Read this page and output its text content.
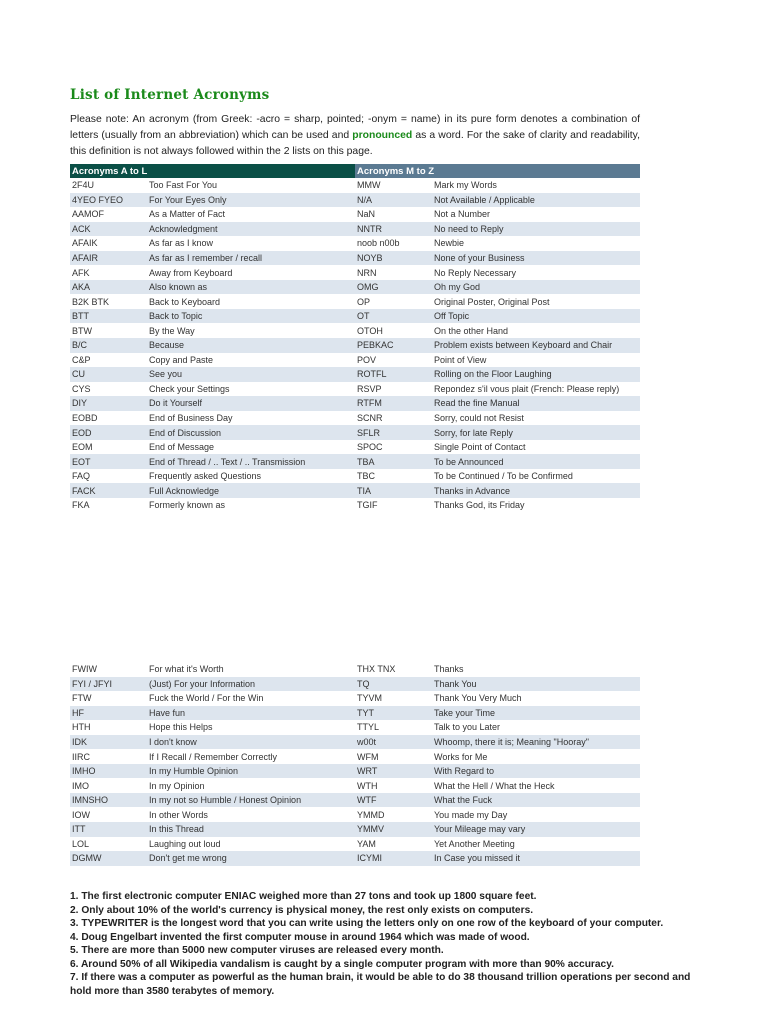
List of Internet Acronyms

Please note: An acronym (from Greek: -acro = sharp, pointed; -onym = name) in its pure form denotes a combination of letters (usually from an abbreviation) which can be used and pronounced as a word. For the sake of clarity and readability, this definition is not always followed within the 2 lists on this page.

Acronyms A to L		Acronyms M to Z	
2F4U	Too Fast For You	MMW	Mark my Words
4YEO FYEO	For Your Eyes Only	N/A	Not Available / Applicable
AAMOF	As a Matter of Fact	NaN	Not a Number
ACK	Acknowledgment	NNTR	No need to Reply
AFAIK	As far as I know	noob n00b	Newbie
AFAIR	As far as I remember / recall	NOYB	None of your Business
AFK	Away from Keyboard	NRN	No Reply Necessary
AKA	Also known as	OMG	Oh my God
B2K BTK	Back to Keyboard	OP	Original Poster, Original Post
BTT	Back to Topic	OT	Off Topic
BTW	By the Way	OTOH	On the other Hand
B/C	Because	PEBKAC	Problem exists between Keyboard and Chair
C&P	Copy and Paste	POV	Point of View
CU	See you	ROTFL	Rolling on the Floor Laughing
CYS	Check your Settings	RSVP	Repondez s'il vous plait (French: Please reply)
DIY	Do it Yourself	RTFM	Read the fine Manual
EOBD	End of Business Day	SCNR	Sorry, could not Resist
EOD	End of Discussion	SFLR	Sorry, for late Reply
EOM	End of Message	SPOC	Single Point of Contact
EOT	End of Thread / .. Text / .. Transmission	TBA	To be Announced
FAQ	Frequently asked Questions	TBC	To be Continued / To be Confirmed
FACK	Full Acknowledge	TIA	Thanks in Advance
FKA	Formerly known as	TGIF	Thanks God, its Friday
FWIW	For what it's Worth	THX TNX	Thanks
FYI / JFYI	(Just) For your Information	TQ	Thank You
FTW	Fuck the World / For the Win	TYVM	Thank You Very Much
HF	Have fun	TYT	Take your Time
HTH	Hope this Helps	TTYL	Talk to you Later
IDK	I don't know	w00t	Whoomp, there it is; Meaning "Hooray"
IIRC	If I Recall / Remember Correctly	WFM	Works for Me
IMHO	In my Humble Opinion	WRT	With Regard to
IMO	In my Opinion	WTH	What the Hell / What the Heck
IMNSHO	In my not so Humble / Honest Opinion	WTF	What the Fuck
IOW	In other Words	YMMD	You made my Day
ITT	In this Thread	YMMV	Your Mileage may vary
LOL	Laughing out loud	YAM	Yet Another Meeting
DGMW	Don't get me wrong	ICYMI	In Case you missed it
1. The first electronic computer ENIAC weighed more than 27 tons and took up 1800 square feet.
2. Only about 10% of the world's currency is physical money, the rest only exists on computers.
3. TYPEWRITER is the longest word that you can write using the letters only on one row of the keyboard of your computer.
4. Doug Engelbart invented the first computer mouse in around 1964 which was made of wood.
5. There are more than 5000 new computer viruses are released every month.
6. Around 50% of all Wikipedia vandalism is caught by a single computer program with more than 90% accuracy.
7. If there was a computer as powerful as the human brain, it would be able to do 38 thousand trillion operations per second and hold more than 3580 terabytes of memory.
